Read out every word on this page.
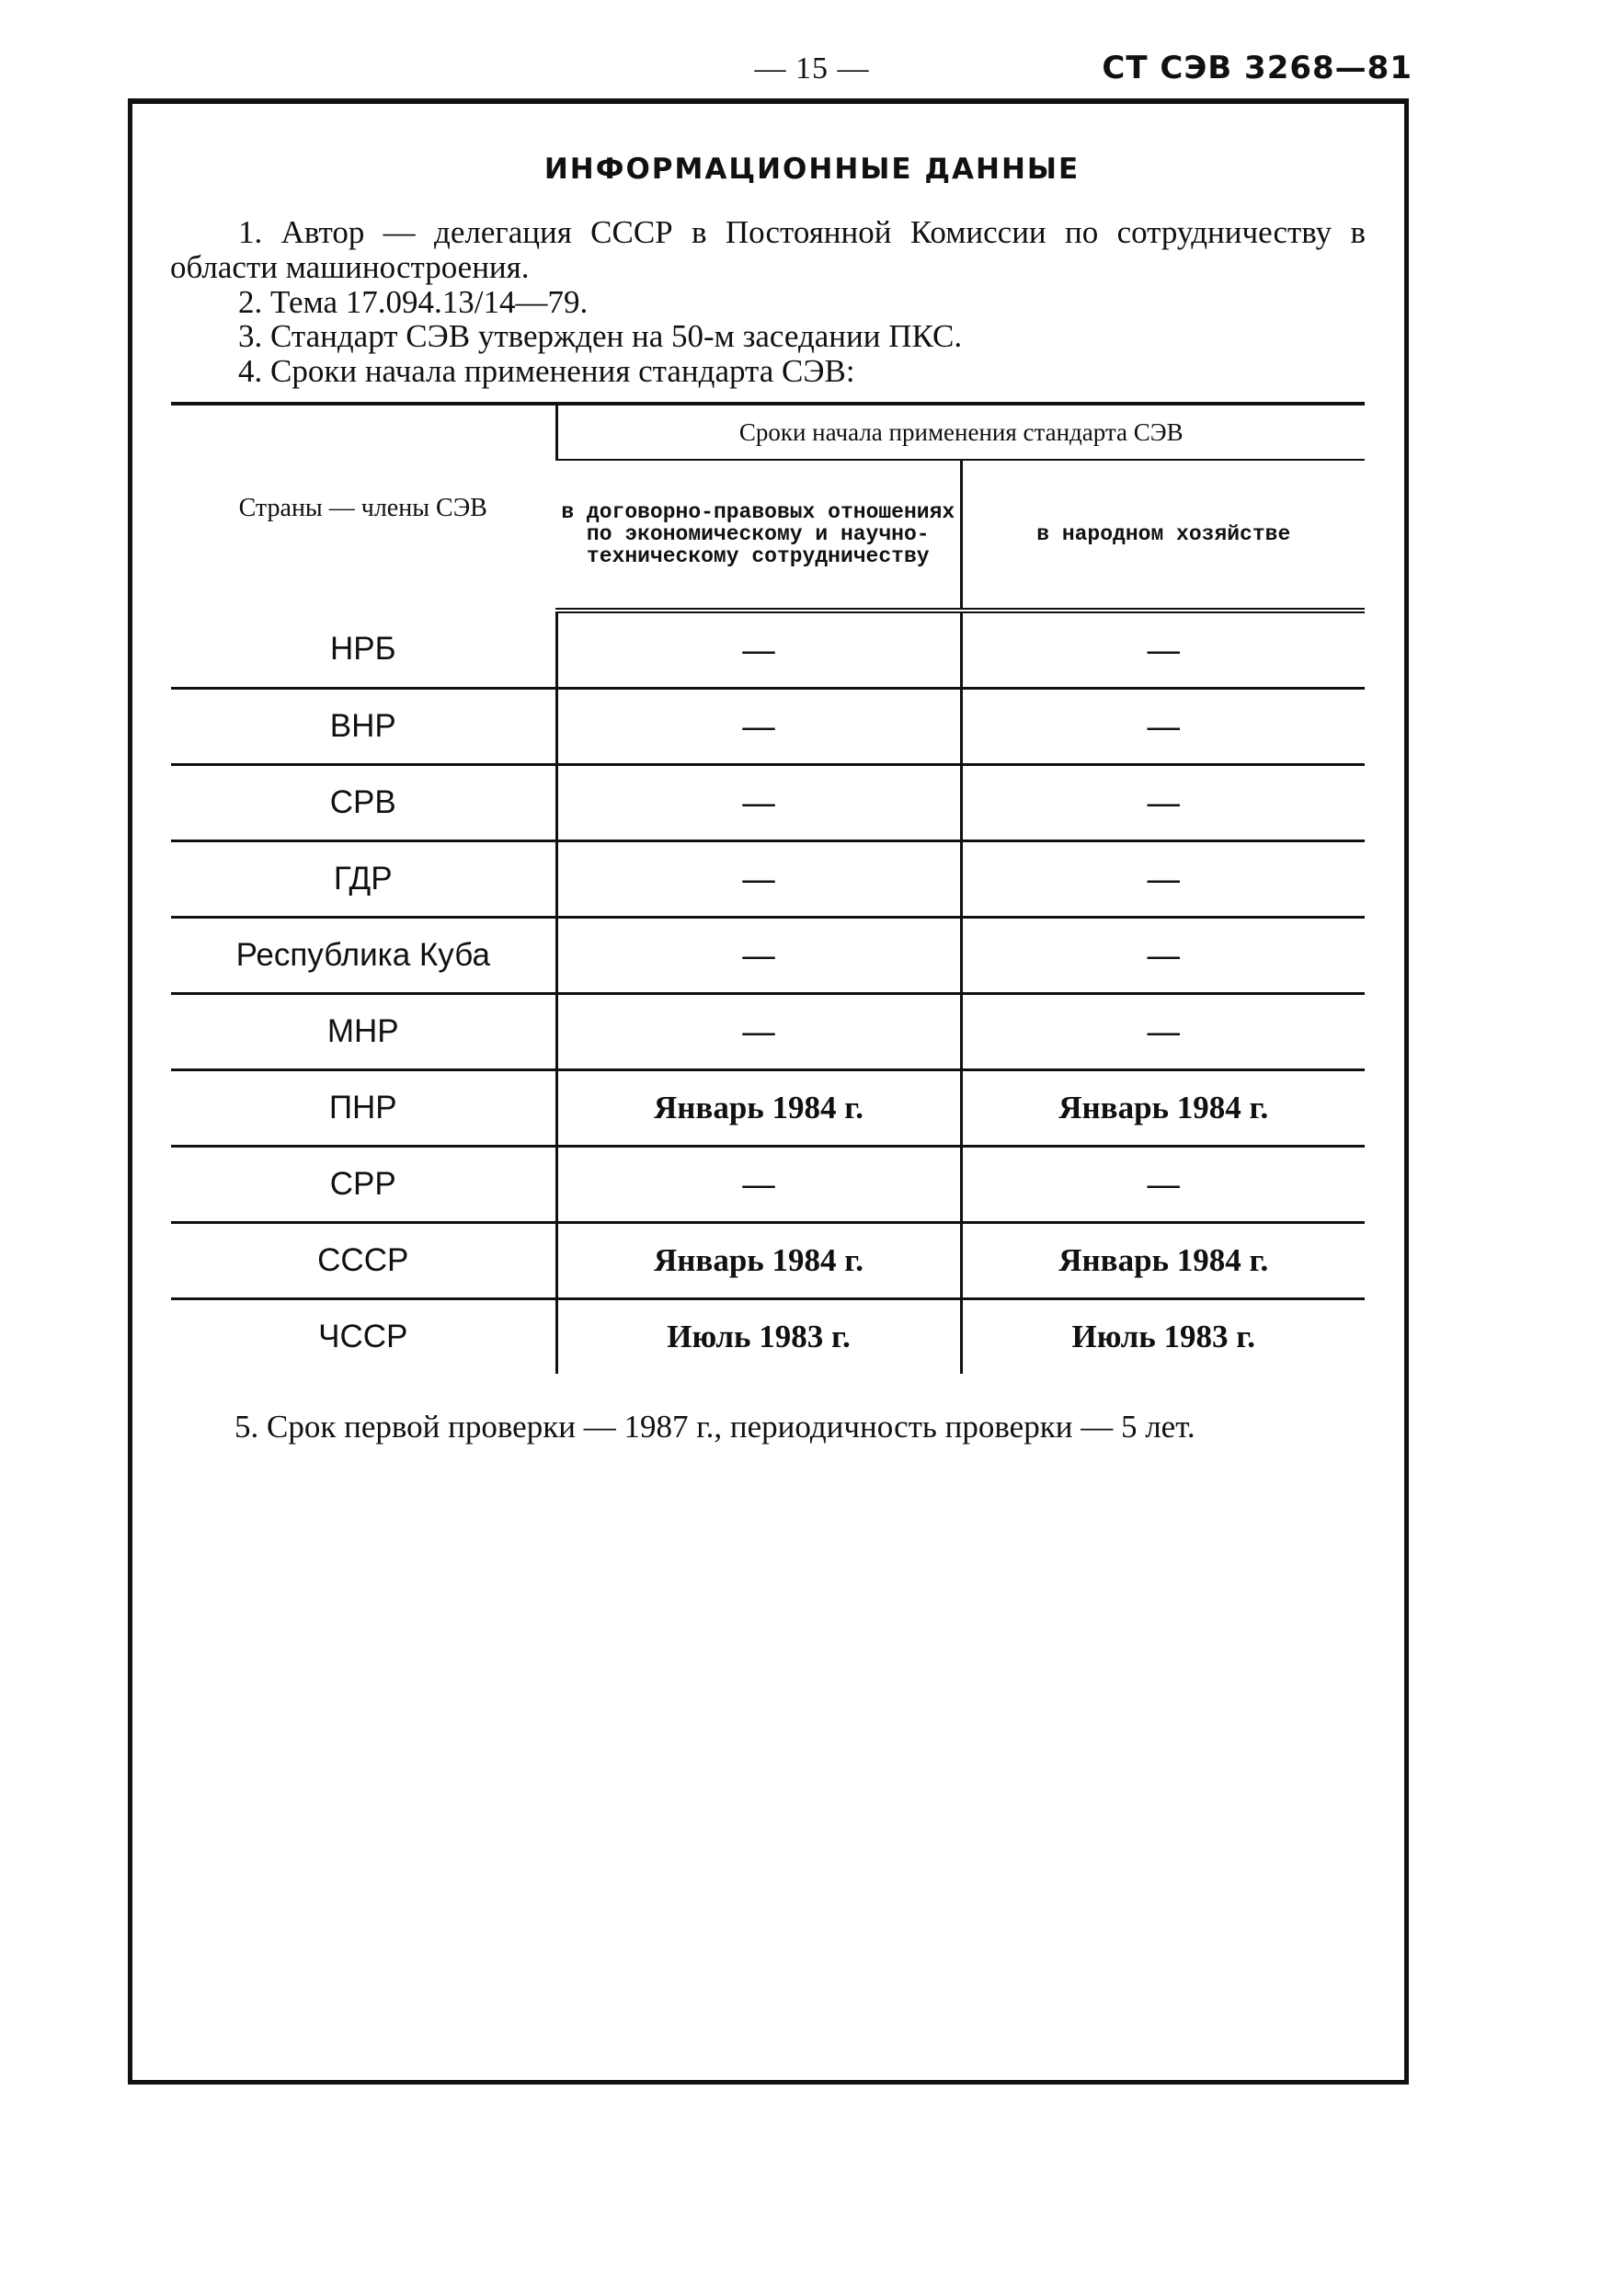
— 15 —	СТ СЭВ 3268—81
ИНФОРМАЦИОННЫЕ ДАННЫЕ

1. Автор — делегация СССР в Постоянной Комиссии по сотрудничеству в области машиностроения.

2. Тема 17.094.13/14—79.

3. Стандарт СЭВ утвержден на 50-м заседании ПКС.

4. Сроки начала применения стандарта СЭВ:

Страны — члены СЭВ	Сроки начала применения стандарта СЭВ	
	в договорно-правовых отношениях по экономическому и научно-техническому сотрудничеству	в народном хозяйстве
НРБ	—	—
ВНР	—	—
СРВ	—	—
ГДР	—	—
Республика Куба	—	—
МНР	—	—
ПНР	Январь 1984 г.	Январь 1984 г.
СРР	—	—
СССР	Январь 1984 г.	Январь 1984 г.
ЧССР	Июль 1983 г.	Июль 1983 г.
5. Срок первой проверки — 1987 г., периодичность проверки — 5 лет.
